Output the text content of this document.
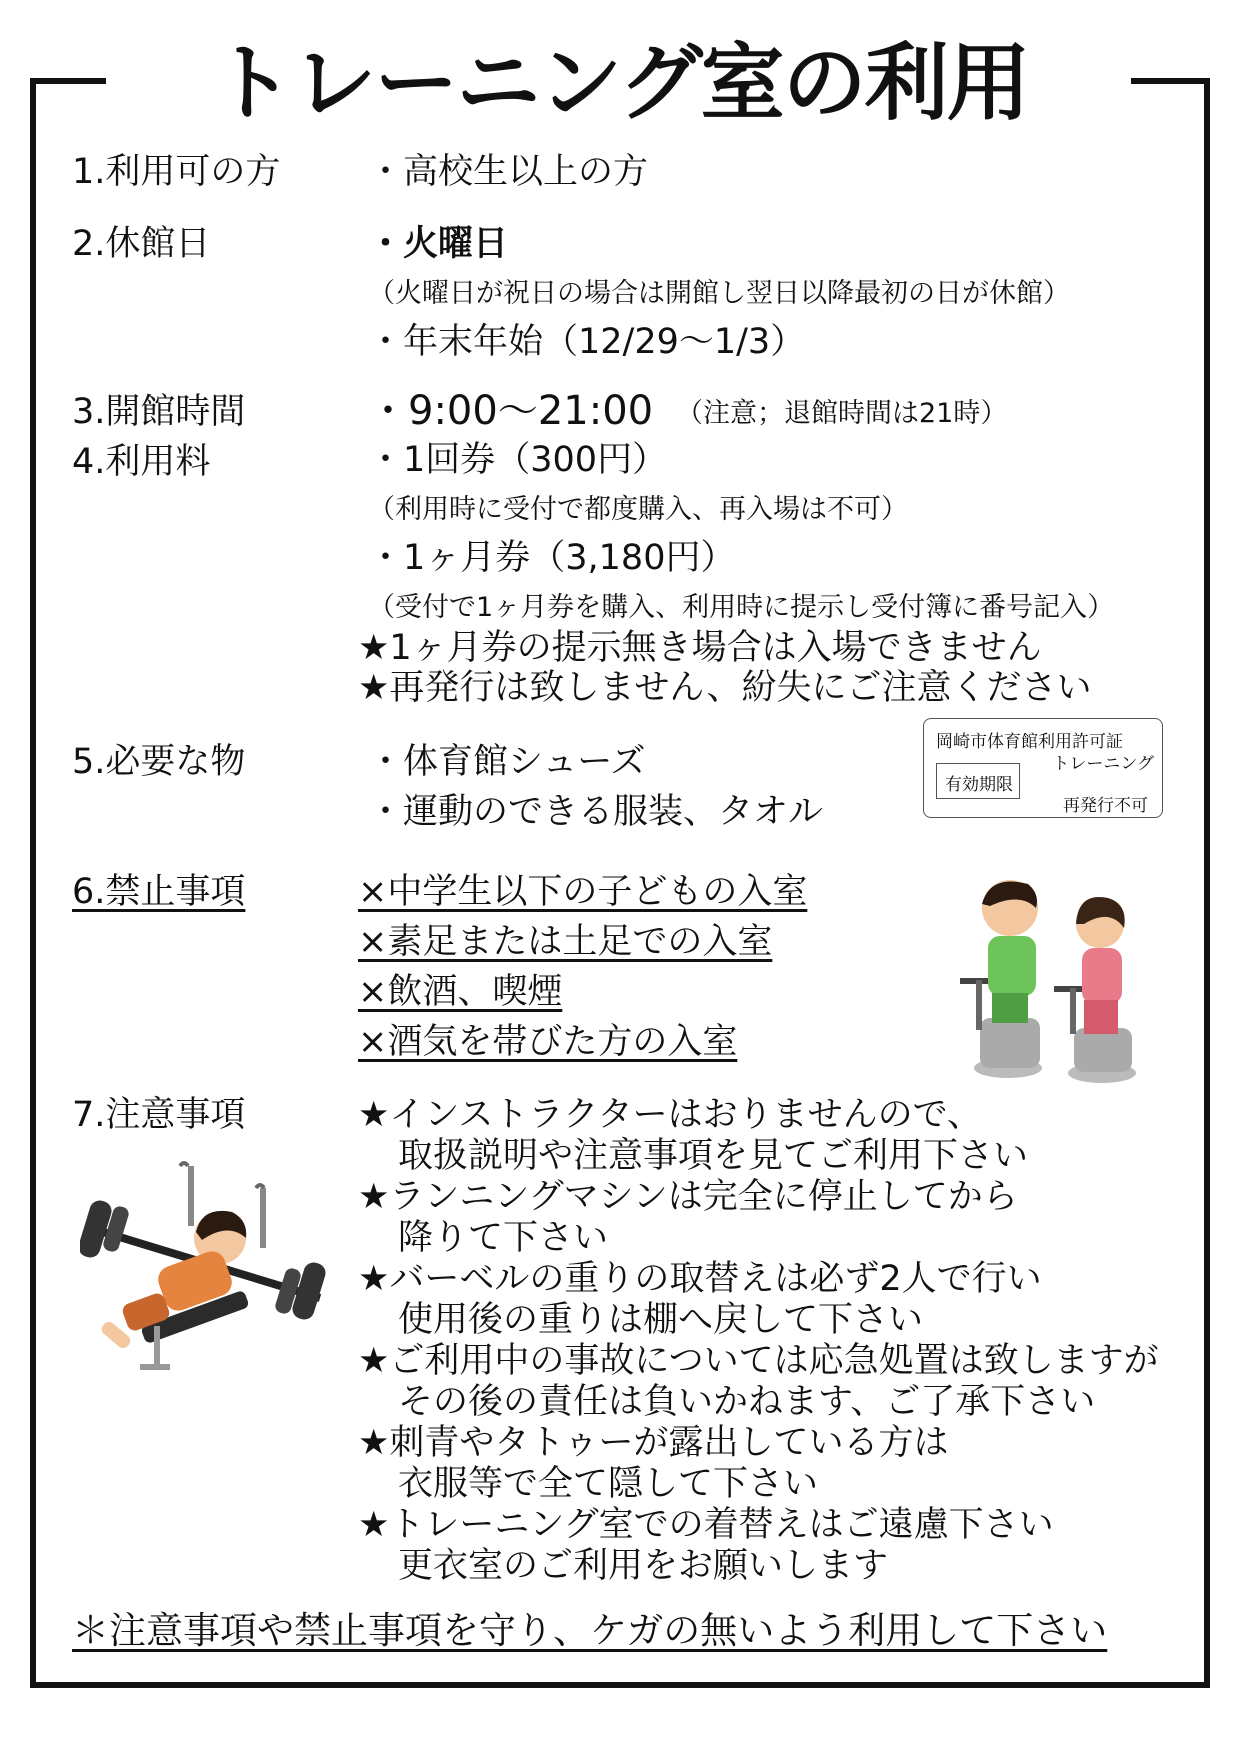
トレーニング室の利用
1.利用可の方	・高校生以上の方
2.休館日	・火曜日
（火曜日が祝日の場合は開館し翌日以降最初の日が休館）
・年末年始（12/29〜1/3）
3.開館時間	・9:00〜21:00 （注意；退館時間は21時）
4.利用料	・1回券（300円）
（利用時に受付で都度購入、再入場は不可）
・1ヶ月券（3,180円）
（受付で1ヶ月券を購入、利用時に提示し受付簿に番号記入）
★1ヶ月券の提示無き場合は入場できません
★再発行は致しません、紛失にご注意ください
5.必要な物	・体育館シューズ
・運動のできる服装、タオル
岡崎市体育館利用許可証
トレーニング
有効期限
再発行不可
6.禁止事項	×中学生以下の子どもの入室
×素足または土足での入室
×飲酒、喫煙
×酒気を帯びた方の入室
7.注意事項	★インストラクターはおりませんので、
取扱説明や注意事項を見てご利用下さい
★ランニングマシンは完全に停止してから
降りて下さい
★バーベルの重りの取替えは必ず2人で行い
使用後の重りは棚へ戻して下さい
★ご利用中の事故については応急処置は致しますが
その後の責任は負いかねます、ご了承下さい
★刺青やタトゥーが露出している方は
衣服等で全て隠して下さい
★トレーニング室での着替えはご遠慮下さい
更衣室のご利用をお願いします
＊注意事項や禁止事項を守り、ケガの無いよう利用して下さい
